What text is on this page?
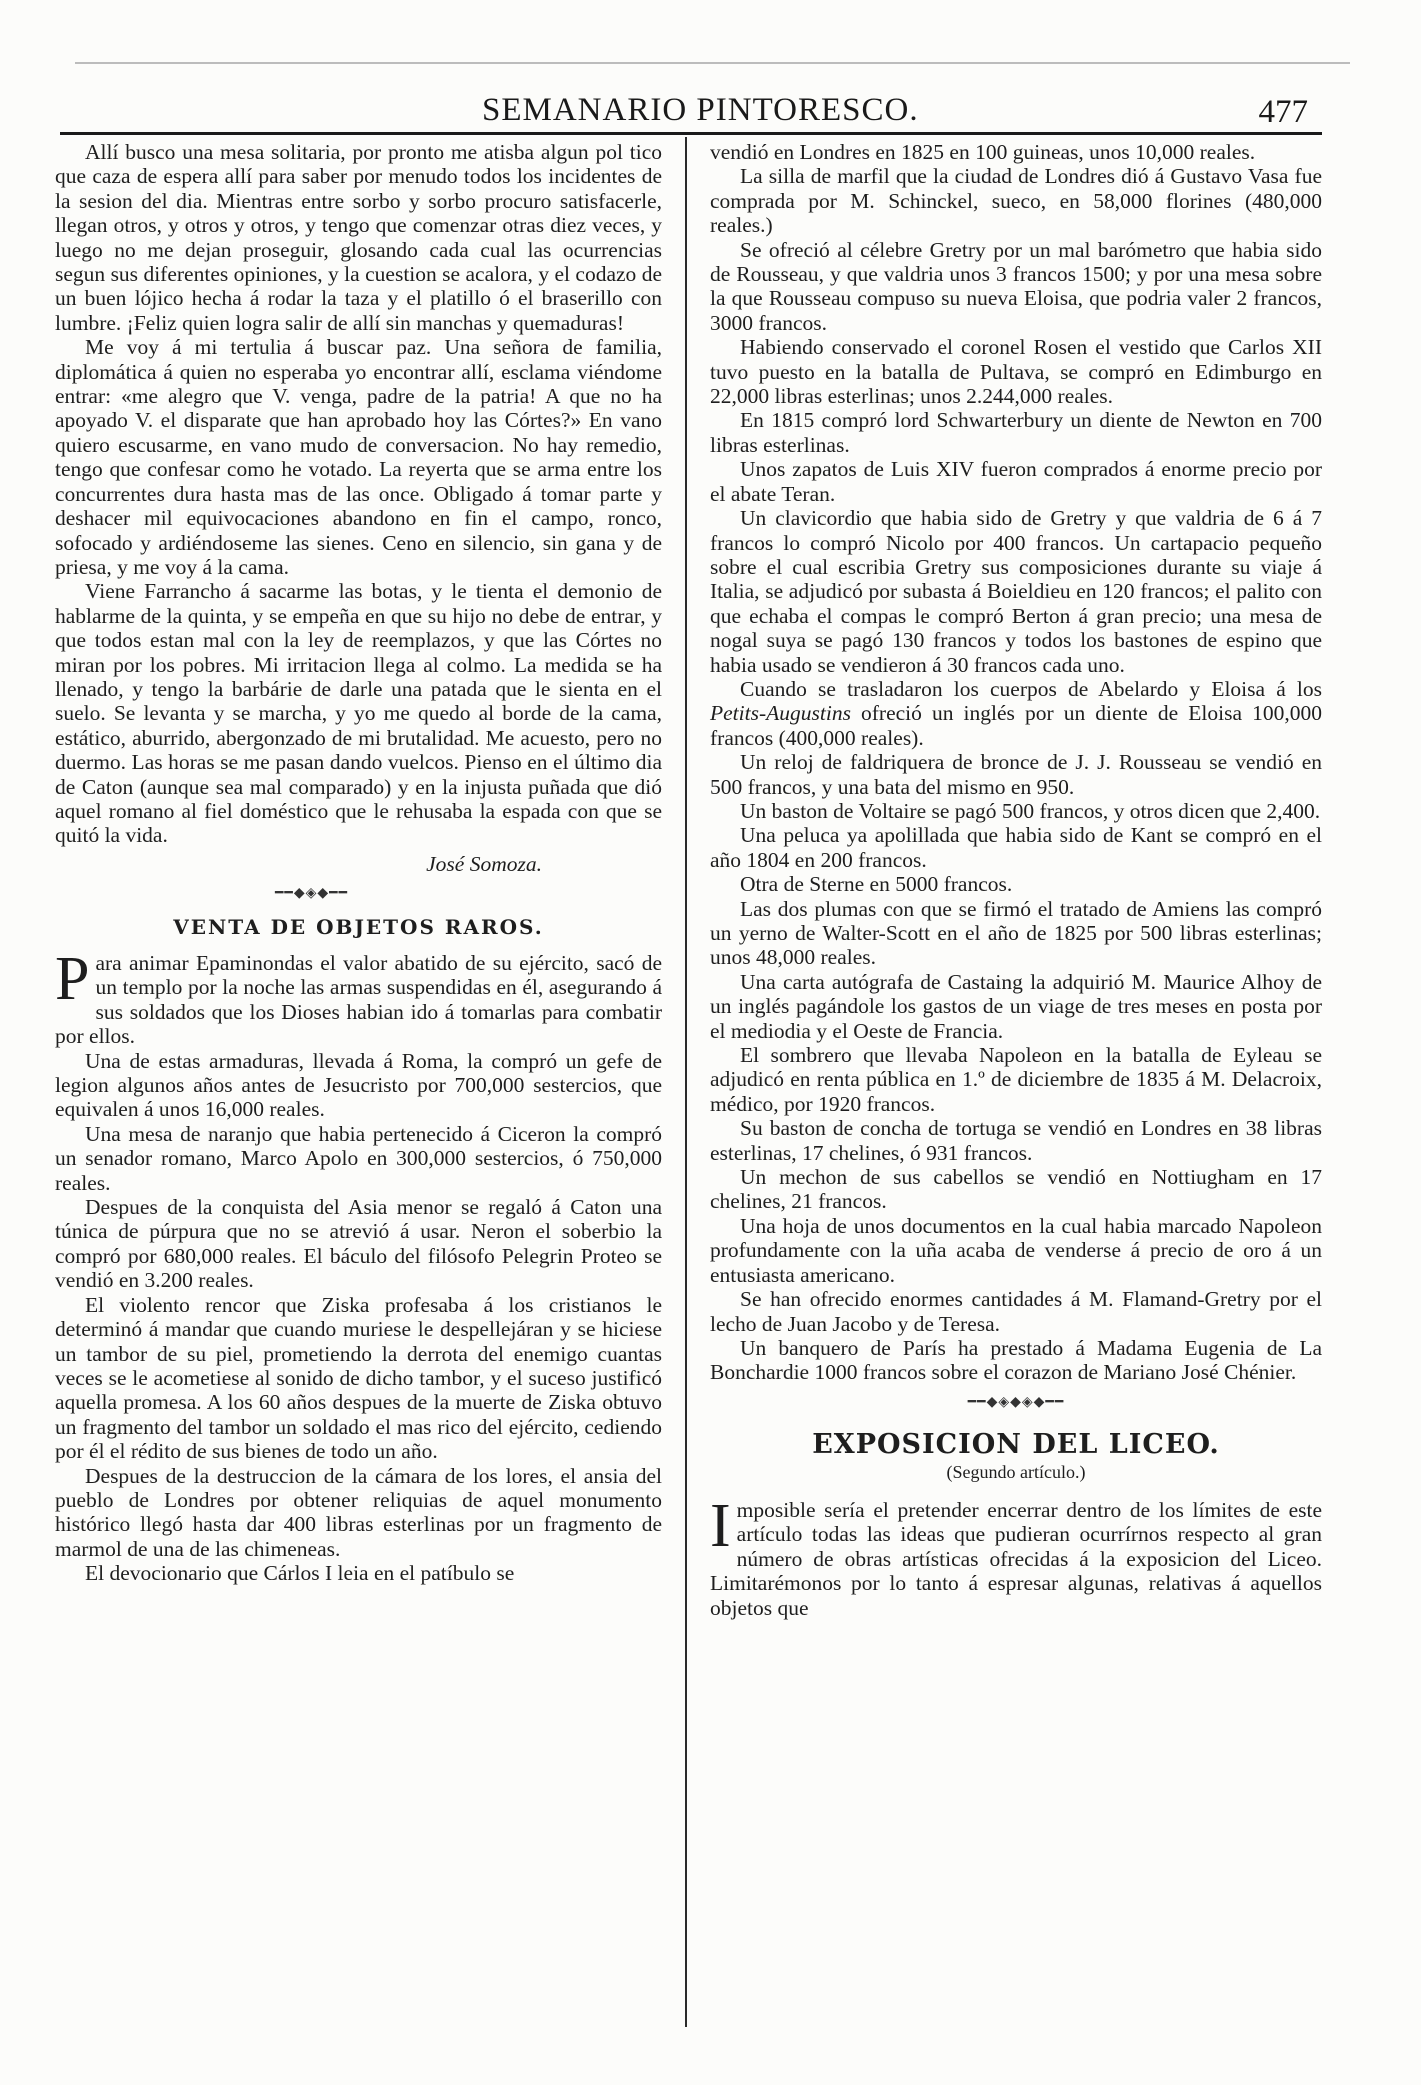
SEMANARIO PINTORESCO.	477

Allí busco una mesa solitaria, por pronto me atisba algun pol tico que caza de espera allí para saber por menudo todos los incidentes de la sesion del dia. Mientras entre sorbo y sorbo procuro satisfacerle, llegan otros, y otros y otros, y tengo que comenzar otras diez veces, y luego no me dejan proseguir, glosando cada cual las ocurrencias segun sus diferentes opiniones, y la cuestion se acalora, y el codazo de un buen lójico hecha á rodar la taza y el platillo ó el braserillo con lumbre. ¡Feliz quien logra salir de allí sin manchas y quemaduras!

Me voy á mi tertulia á buscar paz. Una señora de familia, diplomática á quien no esperaba yo encontrar allí, esclama viéndome entrar: «me alegro que V. venga, padre de la patria! A que no ha apoyado V. el disparate que han aprobado hoy las Córtes?» En vano quiero escusarme, en vano mudo de conversacion. No hay remedio, tengo que confesar como he votado. La reyerta que se arma entre los concurrentes dura hasta mas de las once. Obligado á tomar parte y deshacer mil equivocaciones abandono en fin el campo, ronco, sofocado y ardiéndoseme las sienes. Ceno en silencio, sin gana y de priesa, y me voy á la cama.

Viene Farrancho á sacarme las botas, y le tienta el demonio de hablarme de la quinta, y se empeña en que su hijo no debe de entrar, y que todos estan mal con la ley de reemplazos, y que las Córtes no miran por los pobres. Mi irritacion llega al colmo. La medida se ha llenado, y tengo la barbárie de darle una patada que le sienta en el suelo. Se levanta y se marcha, y yo me quedo al borde de la cama, estático, aburrido, abergonzado de mi brutalidad. Me acuesto, pero no duermo. Las horas se me pasan dando vuelcos. Pienso en el último dia de Caton (aunque sea mal comparado) y en la injusta puñada que dió aquel romano al fiel doméstico que le rehusaba la espada con que se quitó la vida.

José Somoza.
━━◆◈◆━━
VENTA DE OBJETOS RAROS.

Para animar Epaminondas el valor abatido de su ejército, sacó de un templo por la noche las armas suspendidas en él, asegurando á sus soldados que los Dioses habian ido á tomarlas para combatir por ellos.

Una de estas armaduras, llevada á Roma, la compró un gefe de legion algunos años antes de Jesucristo por 700,000 sestercios, que equivalen á unos 16,000 reales.

Una mesa de naranjo que habia pertenecido á Ciceron la compró un senador romano, Marco Apolo en 300,000 sestercios, ó 750,000 reales.

Despues de la conquista del Asia menor se regaló á Caton una túnica de púrpura que no se atrevió á usar. Neron el soberbio la compró por 680,000 reales. El báculo del filósofo Pelegrin Proteo se vendió en 3.200 reales.

El violento rencor que Ziska profesaba á los cristianos le determinó á mandar que cuando muriese le despellejáran y se hiciese un tambor de su piel, prometiendo la derrota del enemigo cuantas veces se le acometiese al sonido de dicho tambor, y el suceso justificó aquella promesa. A los 60 años despues de la muerte de Ziska obtuvo un fragmento del tambor un soldado el mas rico del ejército, cediendo por él el rédito de sus bienes de todo un año.

Despues de la destruccion de la cámara de los lores, el ansia del pueblo de Londres por obtener reliquias de aquel monumento histórico llegó hasta dar 400 libras esterlinas por un fragmento de marmol de una de las chimeneas.

El devocionario que Cárlos I leia en el patíbulo se

vendió en Londres en 1825 en 100 guineas, unos 10,000 reales.

La silla de marfil que la ciudad de Londres dió á Gustavo Vasa fue comprada por M. Schinckel, sueco, en 58,000 florines (480,000 reales.)

Se ofreció al célebre Gretry por un mal barómetro que habia sido de Rousseau, y que valdria unos 3 francos 1500; y por una mesa sobre la que Rousseau compuso su nueva Eloisa, que podria valer 2 francos, 3000 francos.

Habiendo conservado el coronel Rosen el vestido que Carlos XII tuvo puesto en la batalla de Pultava, se compró en Edimburgo en 22,000 libras esterlinas; unos 2.244,000 reales.

En 1815 compró lord Schwarterbury un diente de Newton en 700 libras esterlinas.

Unos zapatos de Luis XIV fueron comprados á enorme precio por el abate Teran.

Un clavicordio que habia sido de Gretry y que valdria de 6 á 7 francos lo compró Nicolo por 400 francos. Un cartapacio pequeño sobre el cual escribia Gretry sus composiciones durante su viaje á Italia, se adjudicó por subasta á Boieldieu en 120 francos; el palito con que echaba el compas le compró Berton á gran precio; una mesa de nogal suya se pagó 130 francos y todos los bastones de espino que habia usado se vendieron á 30 francos cada uno.

Cuando se trasladaron los cuerpos de Abelardo y Eloisa á los Petits-Augustins ofreció un inglés por un diente de Eloisa 100,000 francos (400,000 reales).

Un reloj de faldriquera de bronce de J. J. Rousseau se vendió en 500 francos, y una bata del mismo en 950.

Un baston de Voltaire se pagó 500 francos, y otros dicen que 2,400.

Una peluca ya apolillada que habia sido de Kant se compró en el año 1804 en 200 francos.

Otra de Sterne en 5000 francos.

Las dos plumas con que se firmó el tratado de Amiens las compró un yerno de Walter-Scott en el año de 1825 por 500 libras esterlinas; unos 48,000 reales.

Una carta autógrafa de Castaing la adquirió M. Maurice Alhoy de un inglés pagándole los gastos de un viage de tres meses en posta por el mediodia y el Oeste de Francia.

El sombrero que llevaba Napoleon en la batalla de Eyleau se adjudicó en renta pública en 1.º de diciembre de 1835 á M. Delacroix, médico, por 1920 francos.

Su baston de concha de tortuga se vendió en Londres en 38 libras esterlinas, 17 chelines, ó 931 francos.

Un mechon de sus cabellos se vendió en Nottiugham en 17 chelines, 21 francos.

Una hoja de unos documentos en la cual habia marcado Napoleon profundamente con la uña acaba de venderse á precio de oro á un entusiasta americano.

Se han ofrecido enormes cantidades á M. Flamand-Gretry por el lecho de Juan Jacobo y de Teresa.

Un banquero de París ha prestado á Madama Eugenia de La Bonchardie 1000 francos sobre el corazon de Mariano José Chénier.

━━◆◈◆◈◆━━
EXPOSICION DEL LICEO.
(Segundo artículo.)

Imposible sería el pretender encerrar dentro de los límites de este artículo todas las ideas que pudieran ocurrírnos respecto al gran número de obras artísticas ofrecidas á la exposicion del Liceo. Limitarémonos por lo tanto á espresar algunas, relativas á aquellos objetos que
